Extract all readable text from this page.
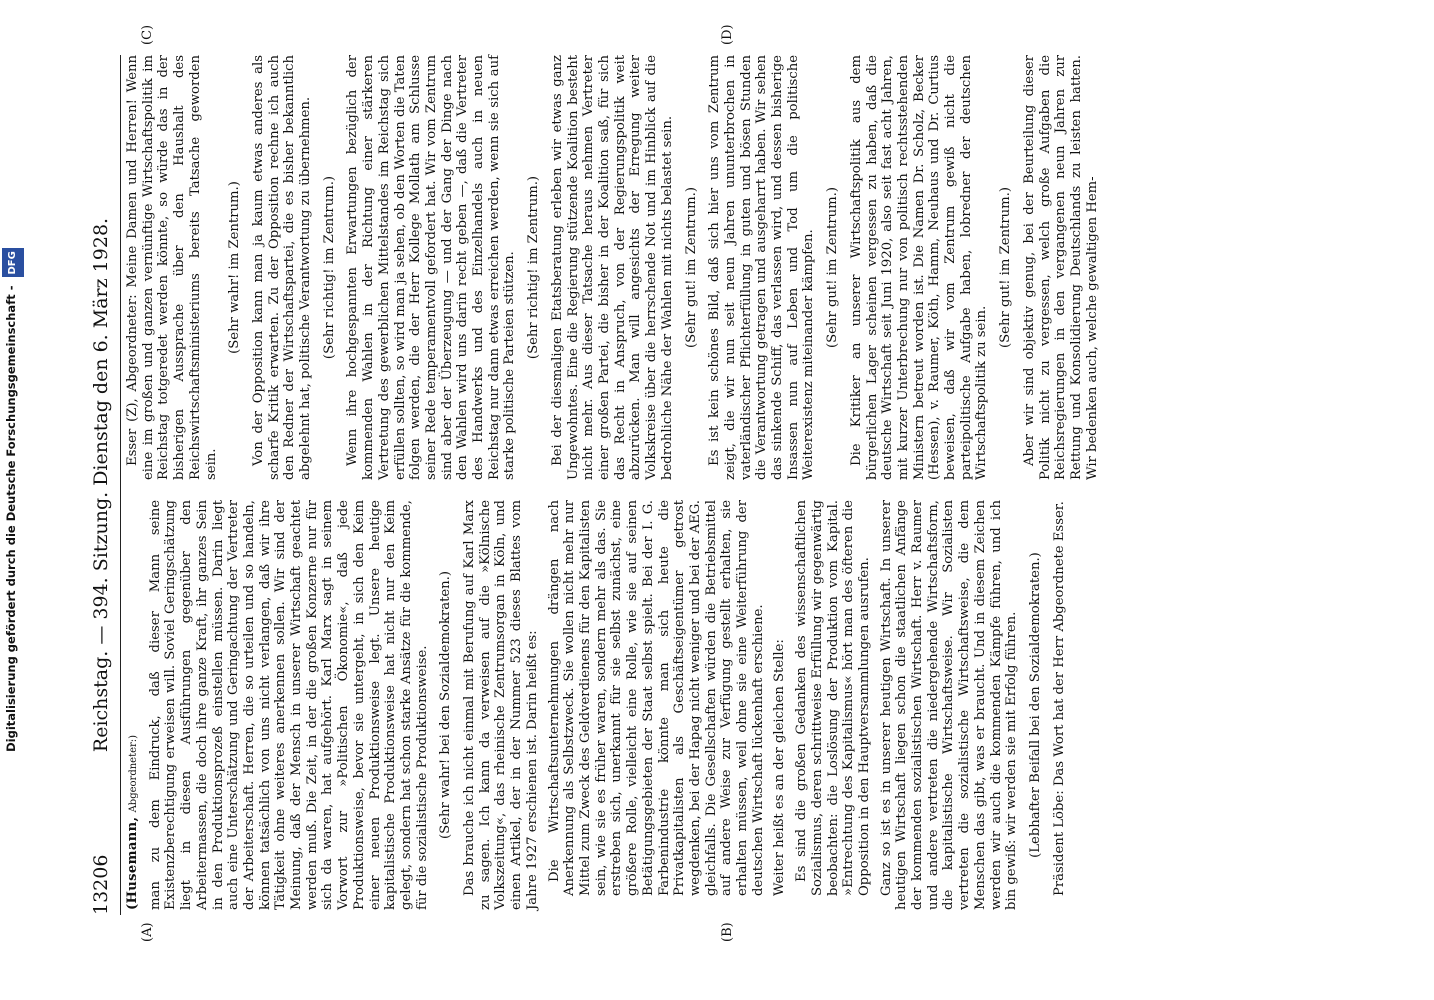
13206
Reichstag. — 394. Sitzung. Dienstag den 6. März 1928.
(A)	(B)
(C)	(D)

(Husemann, Abgeordneter:) man zu dem Eindruck, daß dieser Mann seine Existenzberechtigung erweisen will. Soviel Geringschätzung liegt in diesen Ausführungen gegenüber den Arbeitermassen, die doch ihre ganze Kraft, ihr ganzes Sein in den Produktionsprozeß einstellen müssen. Darin liegt auch eine Unterschätzung und Geringachtung der Vertreter der Arbeiterschaft. Herren, die so urteilen und so handeln, können tatsächlich von uns nicht verlangen, daß wir ihre Tätigkeit ohne weiteres anerkennen sollen. Wir sind der Meinung, daß der Mensch in unserer Wirtschaft geachtet werden muß. Die Zeit, in der die großen Konzerne nur für sich da waren, hat aufgehört. Karl Marx sagt in seinem Vorwort zur »Politischen Ökonomie«, daß jede Produktionsweise, bevor sie untergeht, in sich den Keim einer neuen Produktionsweise legt. Unsere heutige kapitalistische Produktionsweise hat nicht nur den Keim gelegt, sondern hat schon starke Ansätze für die kommende, für die sozialistische Produktionsweise. (Sehr wahr! bei den Sozialdemokraten.) Das brauche ich nicht einmal mit Berufung auf Karl Marx zu sagen. Ich kann da verweisen auf die »Kölnische Volkszeitung«, das rheinische Zentrumsorgan in Köln, und einen Artikel, der in der Nummer 523 dieses Blattes vom Jahre 1927 erschienen ist. Darin heißt es: Die Wirtschaftsunternehmungen drängen nach Anerkennung als Selbstzweck. Sie wollen nicht mehr nur Mittel zum Zweck des Geldverdienens für den Kapitalisten sein, wie sie es früher waren, sondern mehr als das. Sie erstreben sich, unerkannt für sie selbst zunächst, eine größere Rolle, vielleicht eine Rolle, wie sie auf seinen Betätigungsgebieten der Staat selbst spielt. Bei der I. G. Farbenindustrie könnte man sich heute die Privatkapitalisten als Geschäftseigentümer getrost wegdenken, bei der Hapag nicht weniger und bei der AEG. gleichfalls. Die Gesellschaften würden die Betriebsmittel auf andere Weise zur Verfügung gestellt erhalten, sie erhalten müssen, weil ohne sie eine Weiterführung der deutschen Wirtschaft lückenhaft erschiene. Weiter heißt es an der gleichen Stelle: Es sind die großen Gedanken des wissenschaftlichen Sozialismus, deren schrittweise Erfüllung wir gegenwärtig beobachten: die Loslösung der Produktion vom Kapital. »Entrechtung des Kapitalismus« hört man des öfteren die Opposition in den Hauptversammlungen ausrufen. Ganz so ist es in unserer heutigen Wirtschaft. In unserer heutigen Wirtschaft liegen schon die staatlichen Anfänge der kommenden sozialistischen Wirtschaft. Herr v. Raumer und andere vertreten die niedergehende Wirtschaftsform, die kapitalistische Wirtschaftsweise. Wir Sozialisten vertreten die sozialistische Wirtschaftsweise, die dem Menschen das gibt, was er braucht. Und in diesem Zeichen werden wir auch die kommenden Kämpfe führen, und ich bin gewiß: wir werden sie mit Erfolg führen. (Lebhafter Beifall bei den Sozialdemokraten.) Präsident Löbe: Das Wort hat der Herr Abgeordnete Esser.

Esser (Z), Abgeordneter: Meine Damen und Herren! Wenn eine im großen und ganzen vernünftige Wirtschaftspolitik im Reichstag totgeredet werden könnte, so würde das in der bisherigen Aussprache über den Haushalt des Reichswirtschaftsministeriums bereits Tatsache geworden sein.

(Sehr wahr! im Zentrum.) Von der Opposition kann man ja kaum etwas anderes als scharfe Kritik erwarten. Zu der Opposition rechne ich auch den Redner der Wirtschaftspartei, die es bisher bekanntlich abgelehnt hat, politische Verantwortung zu übernehmen. (Sehr richtig! im Zentrum.) Wenn ihre hochgespannten Erwartungen bezüglich der kommenden Wahlen in der Richtung einer stärkeren Vertretung des gewerblichen Mittelstandes im Reichstag sich erfüllen sollten, so wird man ja sehen, ob den Worten die Taten folgen werden, die der Herr Kollege Mollath am Schlusse seiner Rede temperamentvoll gefordert hat. Wir vom Zentrum sind aber der Überzeugung — und der Gang der Dinge nach den Wahlen wird uns darin recht geben —, daß die Vertreter des Handwerks und des Einzelhandels auch in neuen Reichstag nur dann etwas erreichen werden, wenn sie sich auf starke politische Parteien stützen. (Sehr richtig! im Zentrum.) Bei der diesmaligen Etatsberatung erleben wir etwas ganz Ungewohntes. Eine die Regierung stützende Koalition besteht nicht mehr. Aus dieser Tatsache heraus nehmen Vertreter einer großen Partei, die bisher in der Koalition saß, für sich das Recht in Anspruch, von der Regierungspolitik weit abzurücken. Man will angesichts der Erregung weiter Volkskreise über die herrschende Not und im Hinblick auf die bedrohliche Nähe der Wahlen mit nichts belastet sein. (Sehr gut! im Zentrum.) Es ist kein schönes Bild, daß sich hier uns vom Zentrum zeigt, die wir nun seit neun Jahren ununterbrochen in vaterländischer Pflichterfüllung in guten und bösen Stunden die Verantwortung getragen und ausgeharrt haben. Wir sehen das sinkende Schiff, das verlassen wird, und dessen bisherige Insassen nun auf Leben und Tod um die politische Weiterexistenz miteinander kämpfen. (Sehr gut! im Zentrum.) Die Kritiker an unserer Wirtschaftspolitik aus dem bürgerlichen Lager scheinen vergessen zu haben, daß die deutsche Wirtschaft seit Juni 1920, also seit fast acht Jahren, mit kurzer Unterbrechung nur von politisch rechtsstehenden Ministern betreut worden ist. Die Namen Dr. Scholz, Becker (Hessen), v. Raumer, Köth, Hamm, Neuhaus und Dr. Curtius beweisen, daß wir vom Zentrum gewiß nicht die parteipolitische Aufgabe haben, lobredner der deutschen Wirtschaftspolitik zu sein.

(Sehr gut! im Zentrum.) Aber wir sind objektiv genug, bei der Beurteilung dieser Politik nicht zu vergessen, welch große Aufgaben die Reichsregierungen in den vergangenen neun Jahren zur Rettung und Konsolidierung Deutschlands zu leisten hatten. Wir bedenken auch, welche gewaltigen Hem-

Digitalisierung gefördert durch die Deutsche Forschungsgemeinschaft - DFG
